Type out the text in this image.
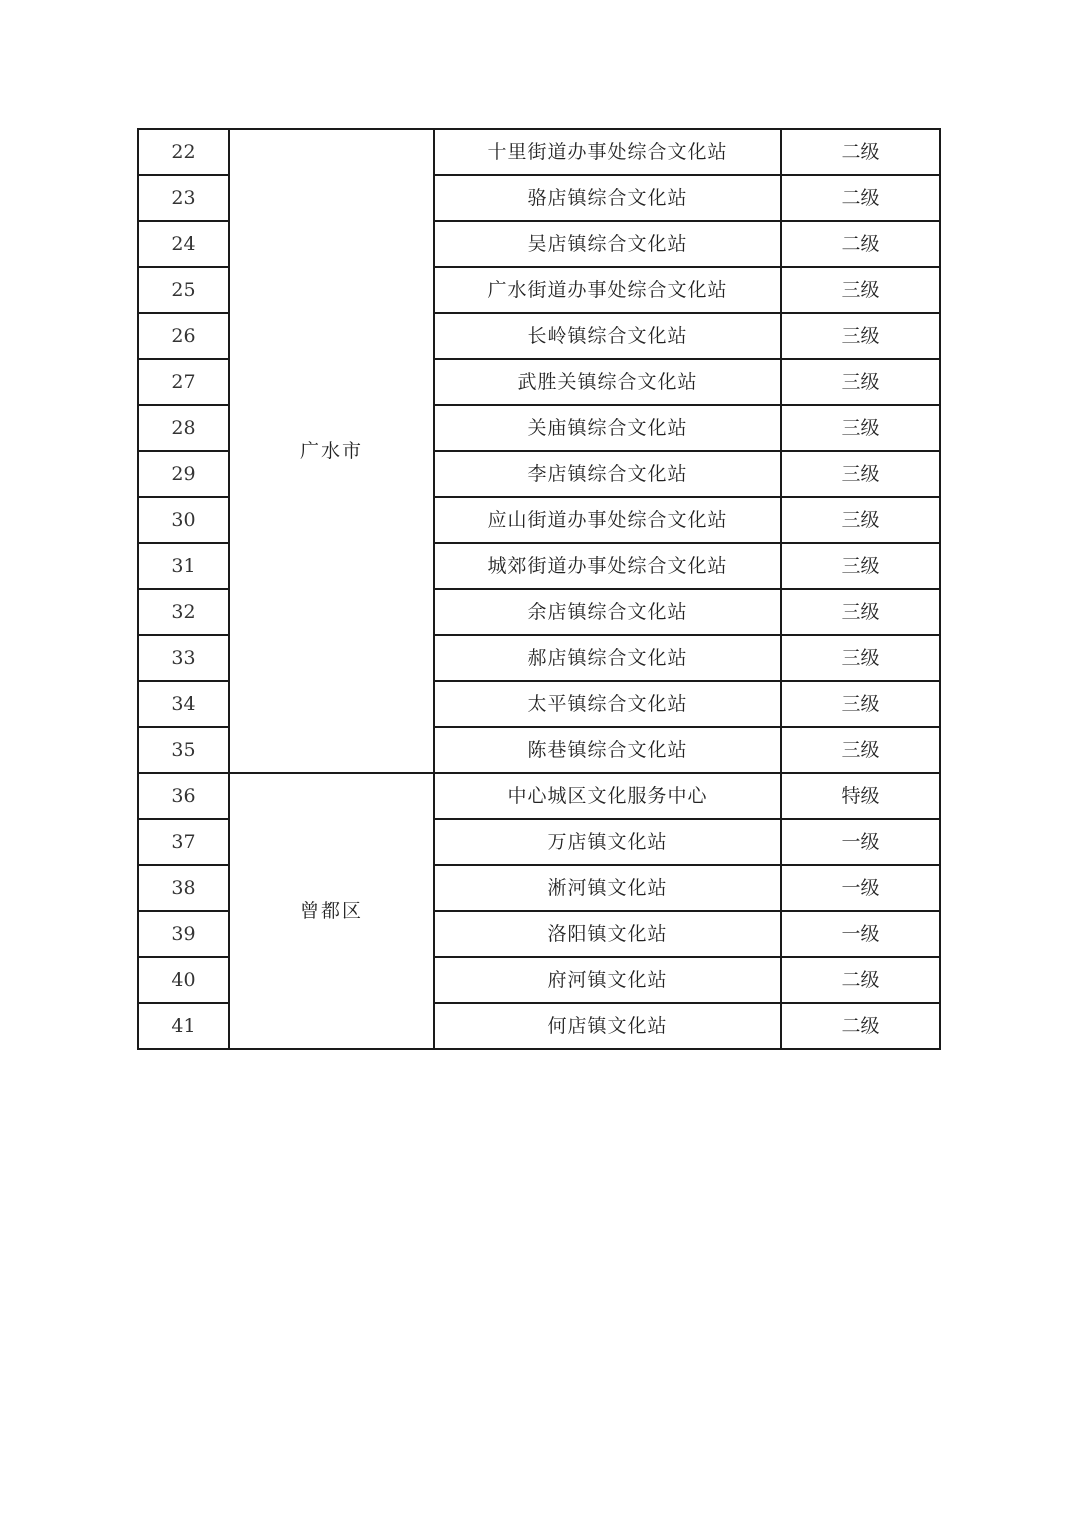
22	广水市	十里街道办事处综合文化站	二级
23		骆店镇综合文化站	二级
24		吴店镇综合文化站	二级
25		广水街道办事处综合文化站	三级
26		长岭镇综合文化站	三级
27		武胜关镇综合文化站	三级
28		关庙镇综合文化站	三级
29		李店镇综合文化站	三级
30		应山街道办事处综合文化站	三级
31		城郊街道办事处综合文化站	三级
32		余店镇综合文化站	三级
33		郝店镇综合文化站	三级
34		太平镇综合文化站	三级
35		陈巷镇综合文化站	三级
36	曾都区	中心城区文化服务中心	特级
37		万店镇文化站	一级
38		淅河镇文化站	一级
39		洛阳镇文化站	一级
40		府河镇文化站	二级
41		何店镇文化站	二级
